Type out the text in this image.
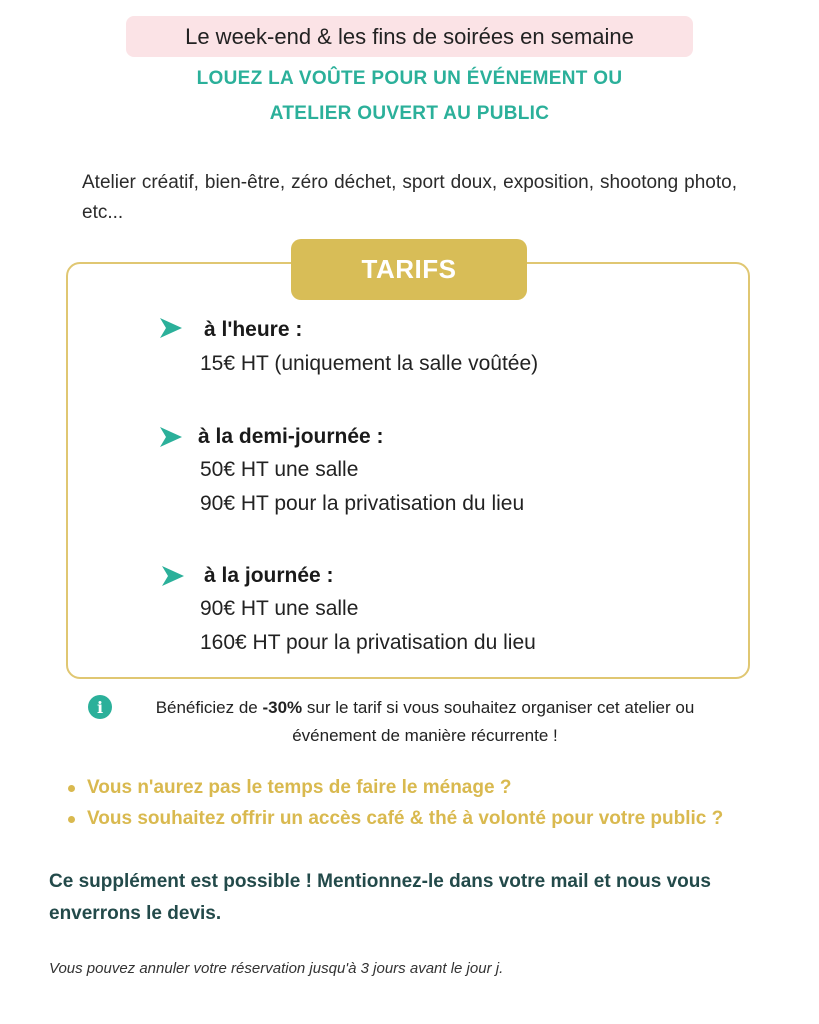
Le week-end & les fins de soirées en semaine
LOUEZ LA VOÛTE POUR UN ÉVÉNEMENT OU
ATELIER OUVERT AU PUBLIC
Atelier créatif, bien-être, zéro déchet, sport doux, exposition, shootong photo, etc...
TARIFS
à l'heure :
15€ HT (uniquement la salle voûtée)
à la demi-journée :
50€ HT une salle
90€ HT pour la privatisation du lieu
à la journée :
90€ HT une salle
160€ HT pour la privatisation du lieu
i	Bénéficiez de -30% sur le tarif si vous souhaitez organiser cet atelier ou événement de manière récurrente !
Vous n'aurez pas le temps de faire le ménage ?
Vous souhaitez offrir un accès café & thé à volonté pour votre public ?
Ce supplément est possible ! Mentionnez-le dans votre mail et nous vous enverrons le devis.
Vous pouvez annuler votre réservation jusqu'à 3 jours avant le jour j.
